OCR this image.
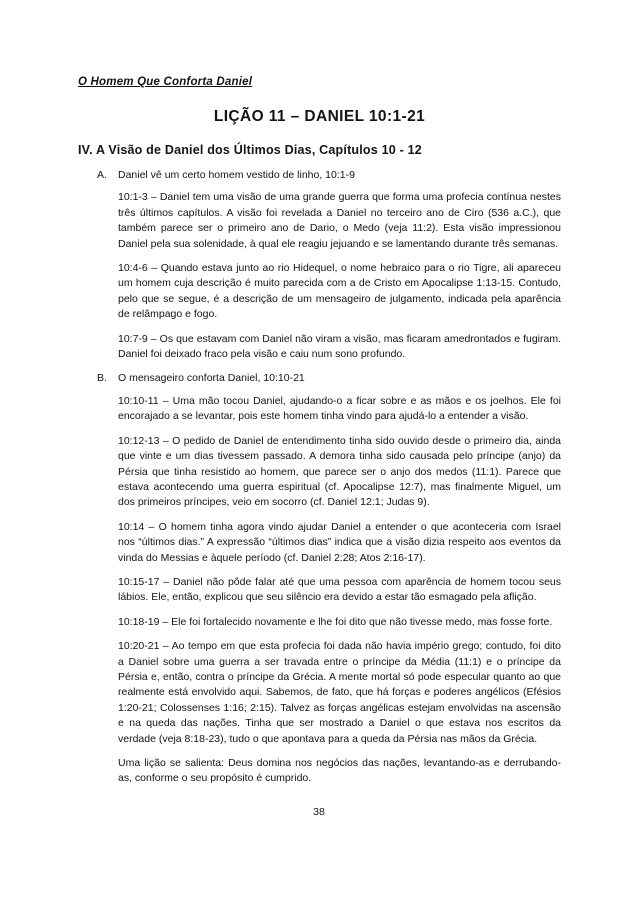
O Homem Que Conforta Daniel

LIÇÃO 11 – DANIEL 10:1-21
IV. A Visão de Daniel dos Últimos Dias, Capítulos 10 - 12
A.	Daniel vê um certo homem vestido de linho, 10:1-9

10:1-3 – Daniel tem uma visão de uma grande guerra que forma uma profecia contínua nestes três últimos capítulos. A visão foi revelada a Daniel no terceiro ano de Ciro (536 a.C.), que também parece ser o primeiro ano de Dario, o Medo (veja 11:2). Esta visão impressionou Daniel pela sua solenidade, à qual ele reagiu jejuando e se lamentando durante três semanas.

10:4-6 – Quando estava junto ao rio Hidequel, o nome hebraico para o rio Tigre, ali apareceu um homem cuja descrição é muito parecida com a de Cristo em Apocalipse 1:13-15. Contudo, pelo que se segue, é a descrição de um mensageiro de julgamento, indicada pela aparência de relâmpago e fogo.

10:7-9 – Os que estavam com Daniel não viram a visão, mas ficaram amedrontados e fugiram. Daniel foi deixado fraco pela visão e caiu num sono profundo.

B.	O mensageiro conforta Daniel, 10:10-21

10:10-11 – Uma mão tocou Daniel, ajudando-o a ficar sobre e as mãos e os joelhos. Ele foi encorajado a se levantar, pois este homem tinha vindo para ajudá-lo a entender a visão.

10:12-13 – O pedido de Daniel de entendimento tinha sido ouvido desde o primeiro dia, ainda que vinte e um dias tivessem passado. A demora tinha sido causada pelo príncipe (anjo) da Pérsia que tinha resistido ao homem, que parece ser o anjo dos medos (11:1). Parece que estava acontecendo uma guerra espiritual (cf. Apocalipse 12:7), mas finalmente Miguel, um dos primeiros príncipes, veio em socorro (cf. Daniel 12:1; Judas 9).

10:14 – O homem tinha agora vindo ajudar Daniel a entender o que aconteceria com Israel nos “últimos dias.” A expressão “últimos dias” indica que a visão dizia respeito aos eventos da vinda do Messias e àquele período (cf. Daniel 2:28; Atos 2:16-17).

10:15-17 – Daniel não pôde falar até que uma pessoa com aparência de homem tocou seus lábios. Ele, então, explicou que seu silêncio era devido a estar tão esmagado pela aflição.

10:18-19 – Ele foi fortalecido novamente e lhe foi dito que não tivesse medo, mas fosse forte.

10:20-21 – Ao tempo em que esta profecia foi dada não havia império grego; contudo, foi dito a Daniel sobre uma guerra a ser travada entre o príncipe da Média (11:1) e o príncipe da Pérsia e, então, contra o príncipe da Grécia. A mente mortal só pode especular quanto ao que realmente está envolvido aqui. Sabemos, de fato, que há forças e poderes angélicos (Efésios 1:20-21; Colossenses 1:16; 2:15). Talvez as forças angélicas estejam envolvidas na ascensão e na queda das nações. Tinha que ser mostrado a Daniel o que estava nos escritos da verdade (veja 8:18-23), tudo o que apontava para a queda da Pérsia nas mãos da Grécia.

Uma lição se salienta: Deus domina nos negócios das nações, levantando-as e derrubando-as, conforme o seu propósito é cumprido.

38
